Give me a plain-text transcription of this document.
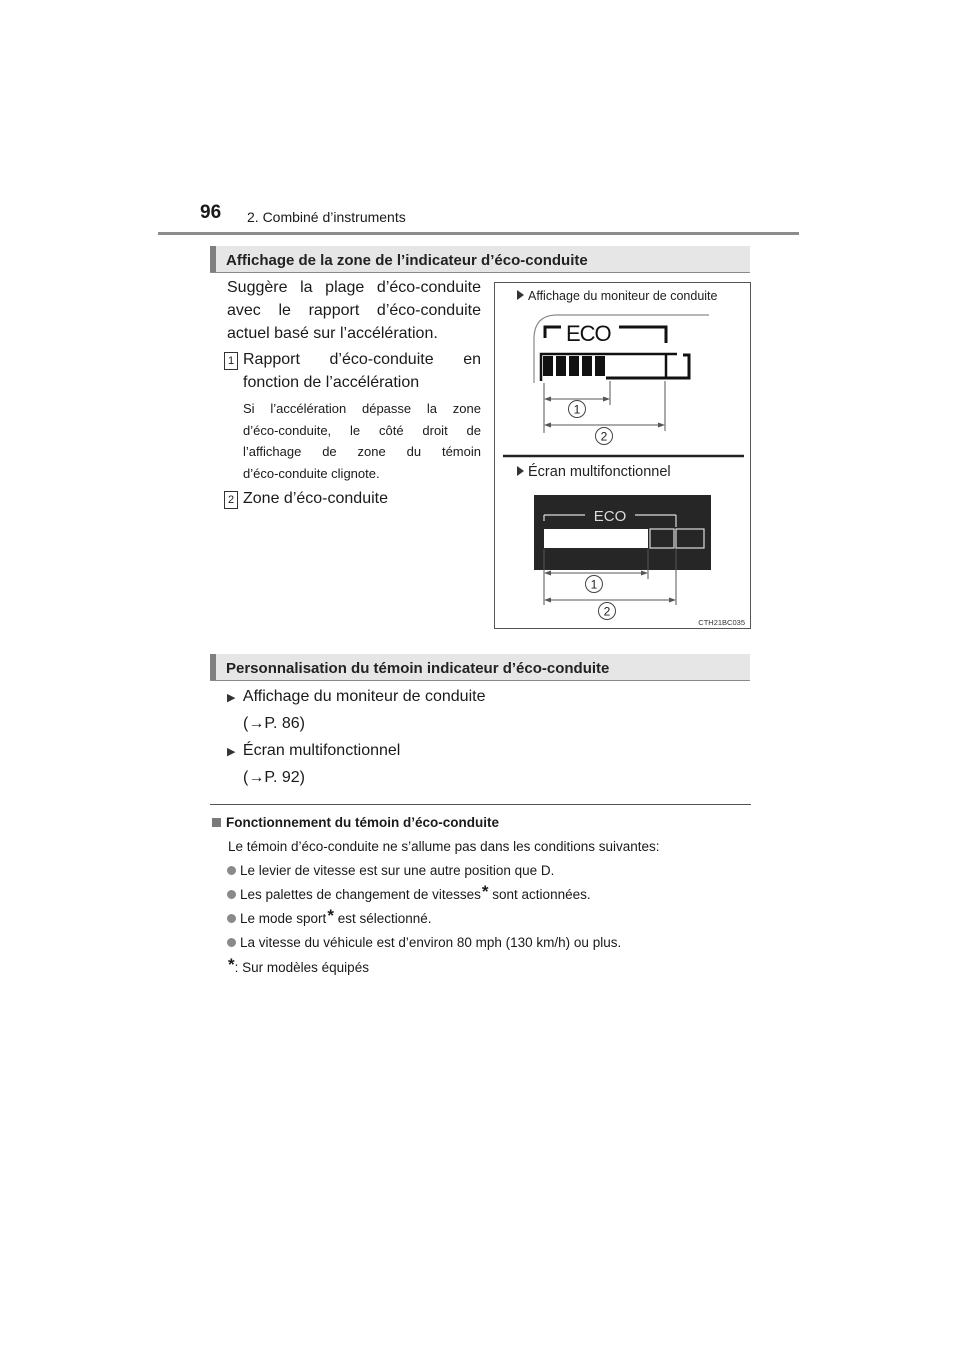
96 2. Combiné d’instruments
Affichage de la zone de l’indicateur d’éco-conduite
Suggère la plage d’éco-conduite
avec le rapport d’éco-conduite
actuel basé sur l’accélération.
1 Rapport d’éco-conduite en
fonction de l’accélération
Si l’accélération dépasse la zone
d’éco-conduite, le côté droit de
l’affichage de zone du témoin
d’éco-conduite clignote.
2 Zone d’éco-conduite
Affichage du moniteur de conduite
ECO
1
2
Écran multifonctionnel
ECO
1
2
CTH21BC035
Personnalisation du témoin indicateur d’éco-conduite
▶ Affichage du moniteur de conduite
(→P. 86)
▶ Écran multifonctionnel
(→P. 92)
Fonctionnement du témoin d’éco-conduite
Le témoin d’éco-conduite ne s’allume pas dans les conditions suivantes:
Le levier de vitesse est sur une autre position que D.
Les palettes de changement de vitesses* sont actionnées.
Le mode sport* est sélectionné.
La vitesse du véhicule est d’environ 80 mph (130 km/h) ou plus.
*: Sur modèles équipés
